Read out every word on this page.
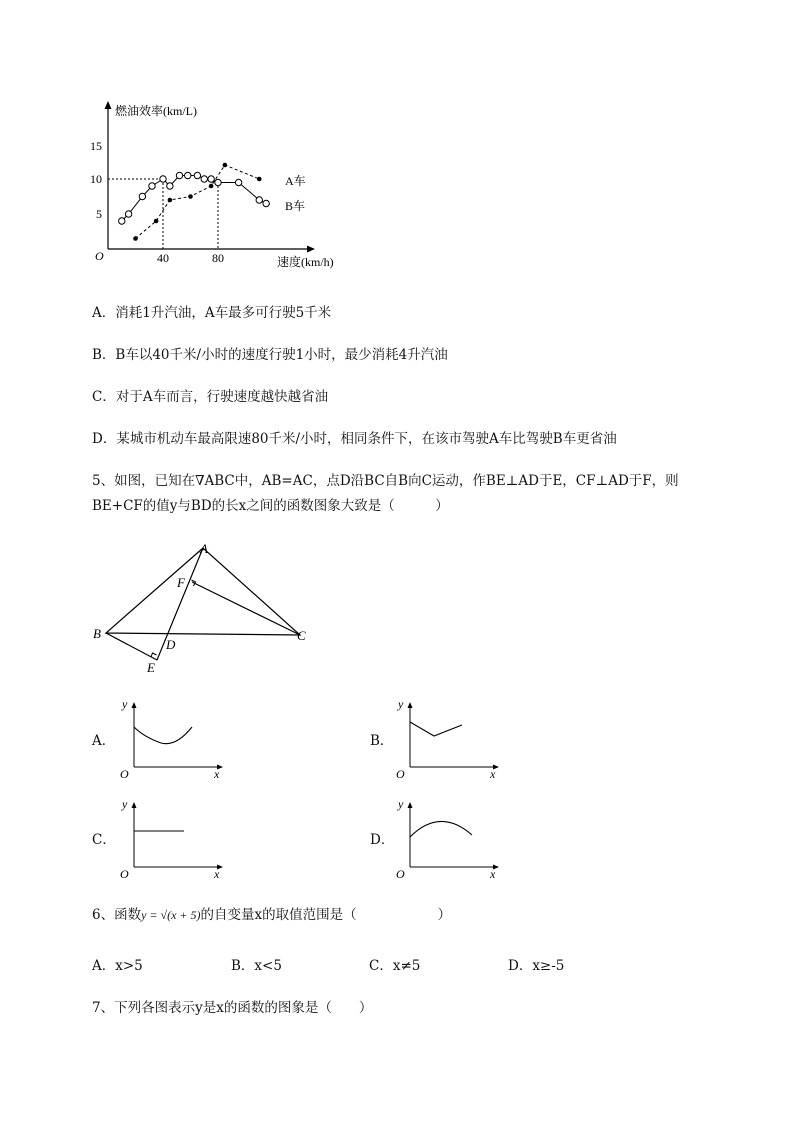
15
10
5
40	80
O
燃油效率(km/L)
速度(km/h)
A车
B车
A．消耗1升汽油，A车最多可行驶5千米
B．B车以40千米/小时的速度行驶1小时，最少消耗4升汽油
C．对于A车而言，行驶速度越快越省油
D．某城市机动车最高限速80千米/小时，相同条件下，在该市驾驶A车比驾驶B车更省油
5、如图，已知在∇ABC中，AB=AC，点D沿BC自B向C运动，作BE⊥AD于E，CF⊥AD于F，则
BE+CF的值y与BD的长x之间的函数图象大致是（　　　）
A
B	C
D
E
F
A．	B．
C．	D．
y
x
O
y
x
O
y
x
O
y
x
O
6、函数y = √(x + 5)的自变量x的取值范围是（　　　　　　）
A．x>5	B．x<5	C．x≠5	D．x≥-5
7、下列各图表示y是x的函数的图象是（　　）
